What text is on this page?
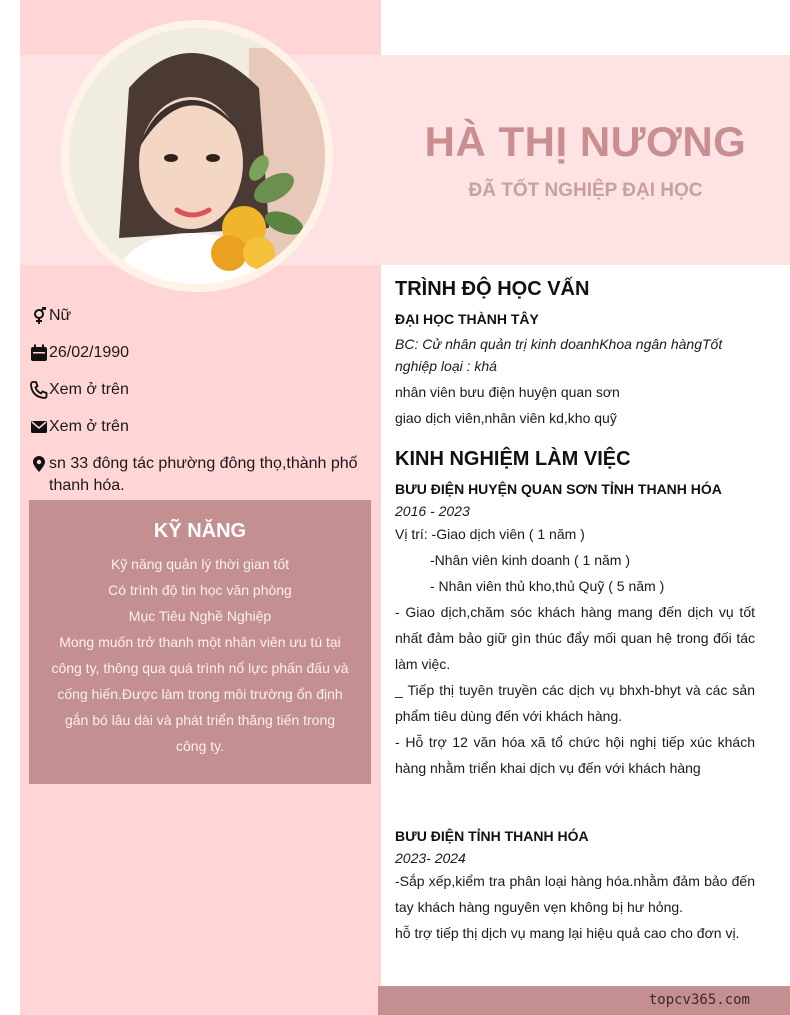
HÀ THỊ NƯƠNG
ĐÃ TỐT NGHIỆP ĐẠI HỌC
Nữ
26/02/1990
Xem ở trên
Xem ở trên
sn 33 đông tác phường đông thọ,thành phố
thanh hóa.
KỸ NĂNG
Kỹ năng quản lý thời gian tốt
Có trình độ tin học văn phòng
Mục Tiêu Nghề Nghiệp
Mong muốn trở thanh một nhân viên ưu tú tại
công ty, thông qua quá trình nổ lực phấn đấu và
cống hiến.Được làm trong môi trường ổn định
gắn bó lâu dài và phát triển thăng tiến trong
công ty.
TRÌNH ĐỘ HỌC VẤN
ĐẠI HỌC THÀNH TÂY
BC: Cử nhân quản trị kinh doanhKhoa ngân hàngTốt
nghiệp loại : khá
nhân viên bưu điện huyện quan sơn
giao dịch viên,nhân viên kd,kho quỹ
KINH NGHIỆM LÀM VIỆC
BƯU ĐIỆN HUYỆN QUAN SƠN TỈNH THANH HÓA
2016 - 2023
Vị trí: -Giao dịch viên ( 1 năm )
-Nhân viên kinh doanh ( 1 năm )
- Nhân viên thủ kho,thủ Quỹ ( 5 năm )
- Giao dịch,chăm sóc khách hàng mang đến dịch vụ tốt nhất đảm bảo giữ gìn thúc đẩy mối quan hệ trong đối tác làm việc.
_ Tiếp thị tuyên truyền các dịch vụ bhxh-bhyt và các sản phẩm tiêu dùng đến với khách hàng.
- Hỗ trợ 12 văn hóa xã tổ chức hội nghị tiếp xúc khách hàng nhằm triển khai dịch vụ đến với khách hàng
BƯU ĐIỆN TỈNH THANH HÓA
2023- 2024
-Sắp xếp,kiểm tra phân loại hàng hóa.nhằm đảm bảo đến tay khách hàng nguyên vẹn không bị hư hỏng.
hỗ trợ tiếp thị dịch vụ mang lại hiệu quả cao cho đơn vị.
topcv365.com
